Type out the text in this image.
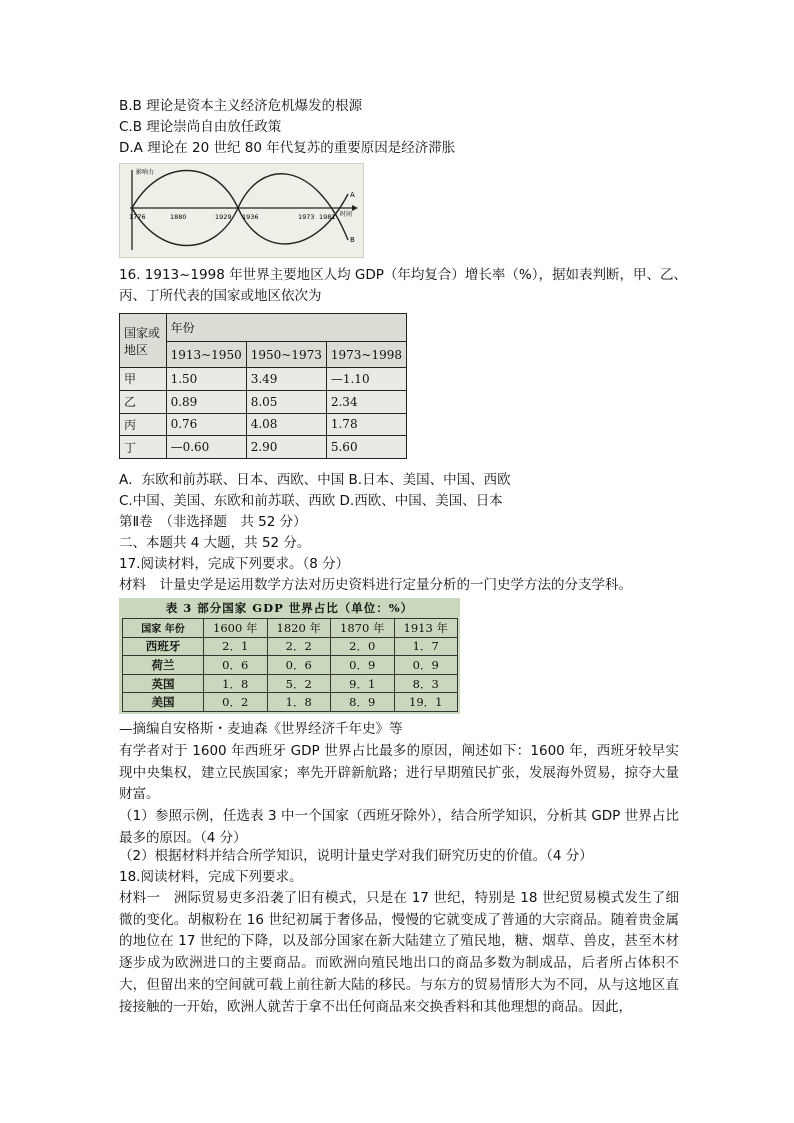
B.B 理论是资本主义经济危机爆发的根源
C.B 理论崇尚自由放任政策
D.A 理论在 20 世纪 80 年代复苏的重要原因是经济滞胀
影响力
时间
A
B
1776	1880	1929 1936	1973 1981
16. 1913~1998 年世界主要地区人均 GDP（年均复合）增长率（%），据如表判断，甲、乙、
丙、丁所代表的国家或地区依次为
国家或地区	年份		
	1913~1950	1950~1973	1973~1998
甲	1.50	3.49	—1.10
乙	0.89	8.05	2.34
丙	0.76	4.08	1.78
丁	—0.60	2.90	5.60
A．东欧和前苏联、日本、西欧、中国 B.日本、美国、中国、西欧
C.中国、美国、东欧和前苏联、西欧 D.西欧、中国、美国、日本
第Ⅱ卷　（非选择题　共 52 分）
二、本题共 4 大题，共 52 分。
17.阅读材料，完成下列要求。（8 分）
材料　计量史学是运用数学方法对历史资料进行定量分析的一门史学方法的分支学科。
表 3 部分国家 GDP 世界占比（单位：%）
国家 年份	1600 年	1820 年	1870 年	1913 年
西班牙	2．1	2．2	2．0	1．7
荷兰	0．6	0．6	0．9	0．9
英国	1．8	5．2	9．1	8．3
美国	0．2	1．8	8．9	19．1
—摘编自安格斯・麦迪森《世界经济千年史》等
有学者对于 1600 年西班牙 GDP 世界占比最多的原因，阐述如下：1600 年，西班牙较早实现中央集权，建立民族国家；率先开辟新航路；进行早期殖民扩张，发展海外贸易，掠夺大量财富。
（1）参照示例，任选表 3 中一个国家（西班牙除外），结合所学知识，分析其 GDP 世界占比最多的原因。（4 分）
（2）根据材料并结合所学知识，说明计量史学对我们研究历史的价值。（4 分）
18.阅读材料，完成下列要求。
材料一　洲际贸易吏多沿袭了旧有模式，只是在 17 世纪，特别是 18 世纪贸易模式发生了细微的变化。胡椒粉在 16 世纪初属于奢侈品，慢慢的它就变成了普通的大宗商品。随着贵金属的地位在 17 世纪的下降，以及部分国家在新大陆建立了殖民地，糖、烟草、兽皮，甚至木材逐步成为欧洲进口的主要商品。而欧洲向殖民地出口的商品多数为制成品，后者所占体积不大，但留出来的空间就可载上前往新大陆的移民。与东方的贸易情形大为不同，从与这地区直接接触的一开始，欧洲人就苦于拿不出任何商品来交换香料和其他理想的商品。因此，
